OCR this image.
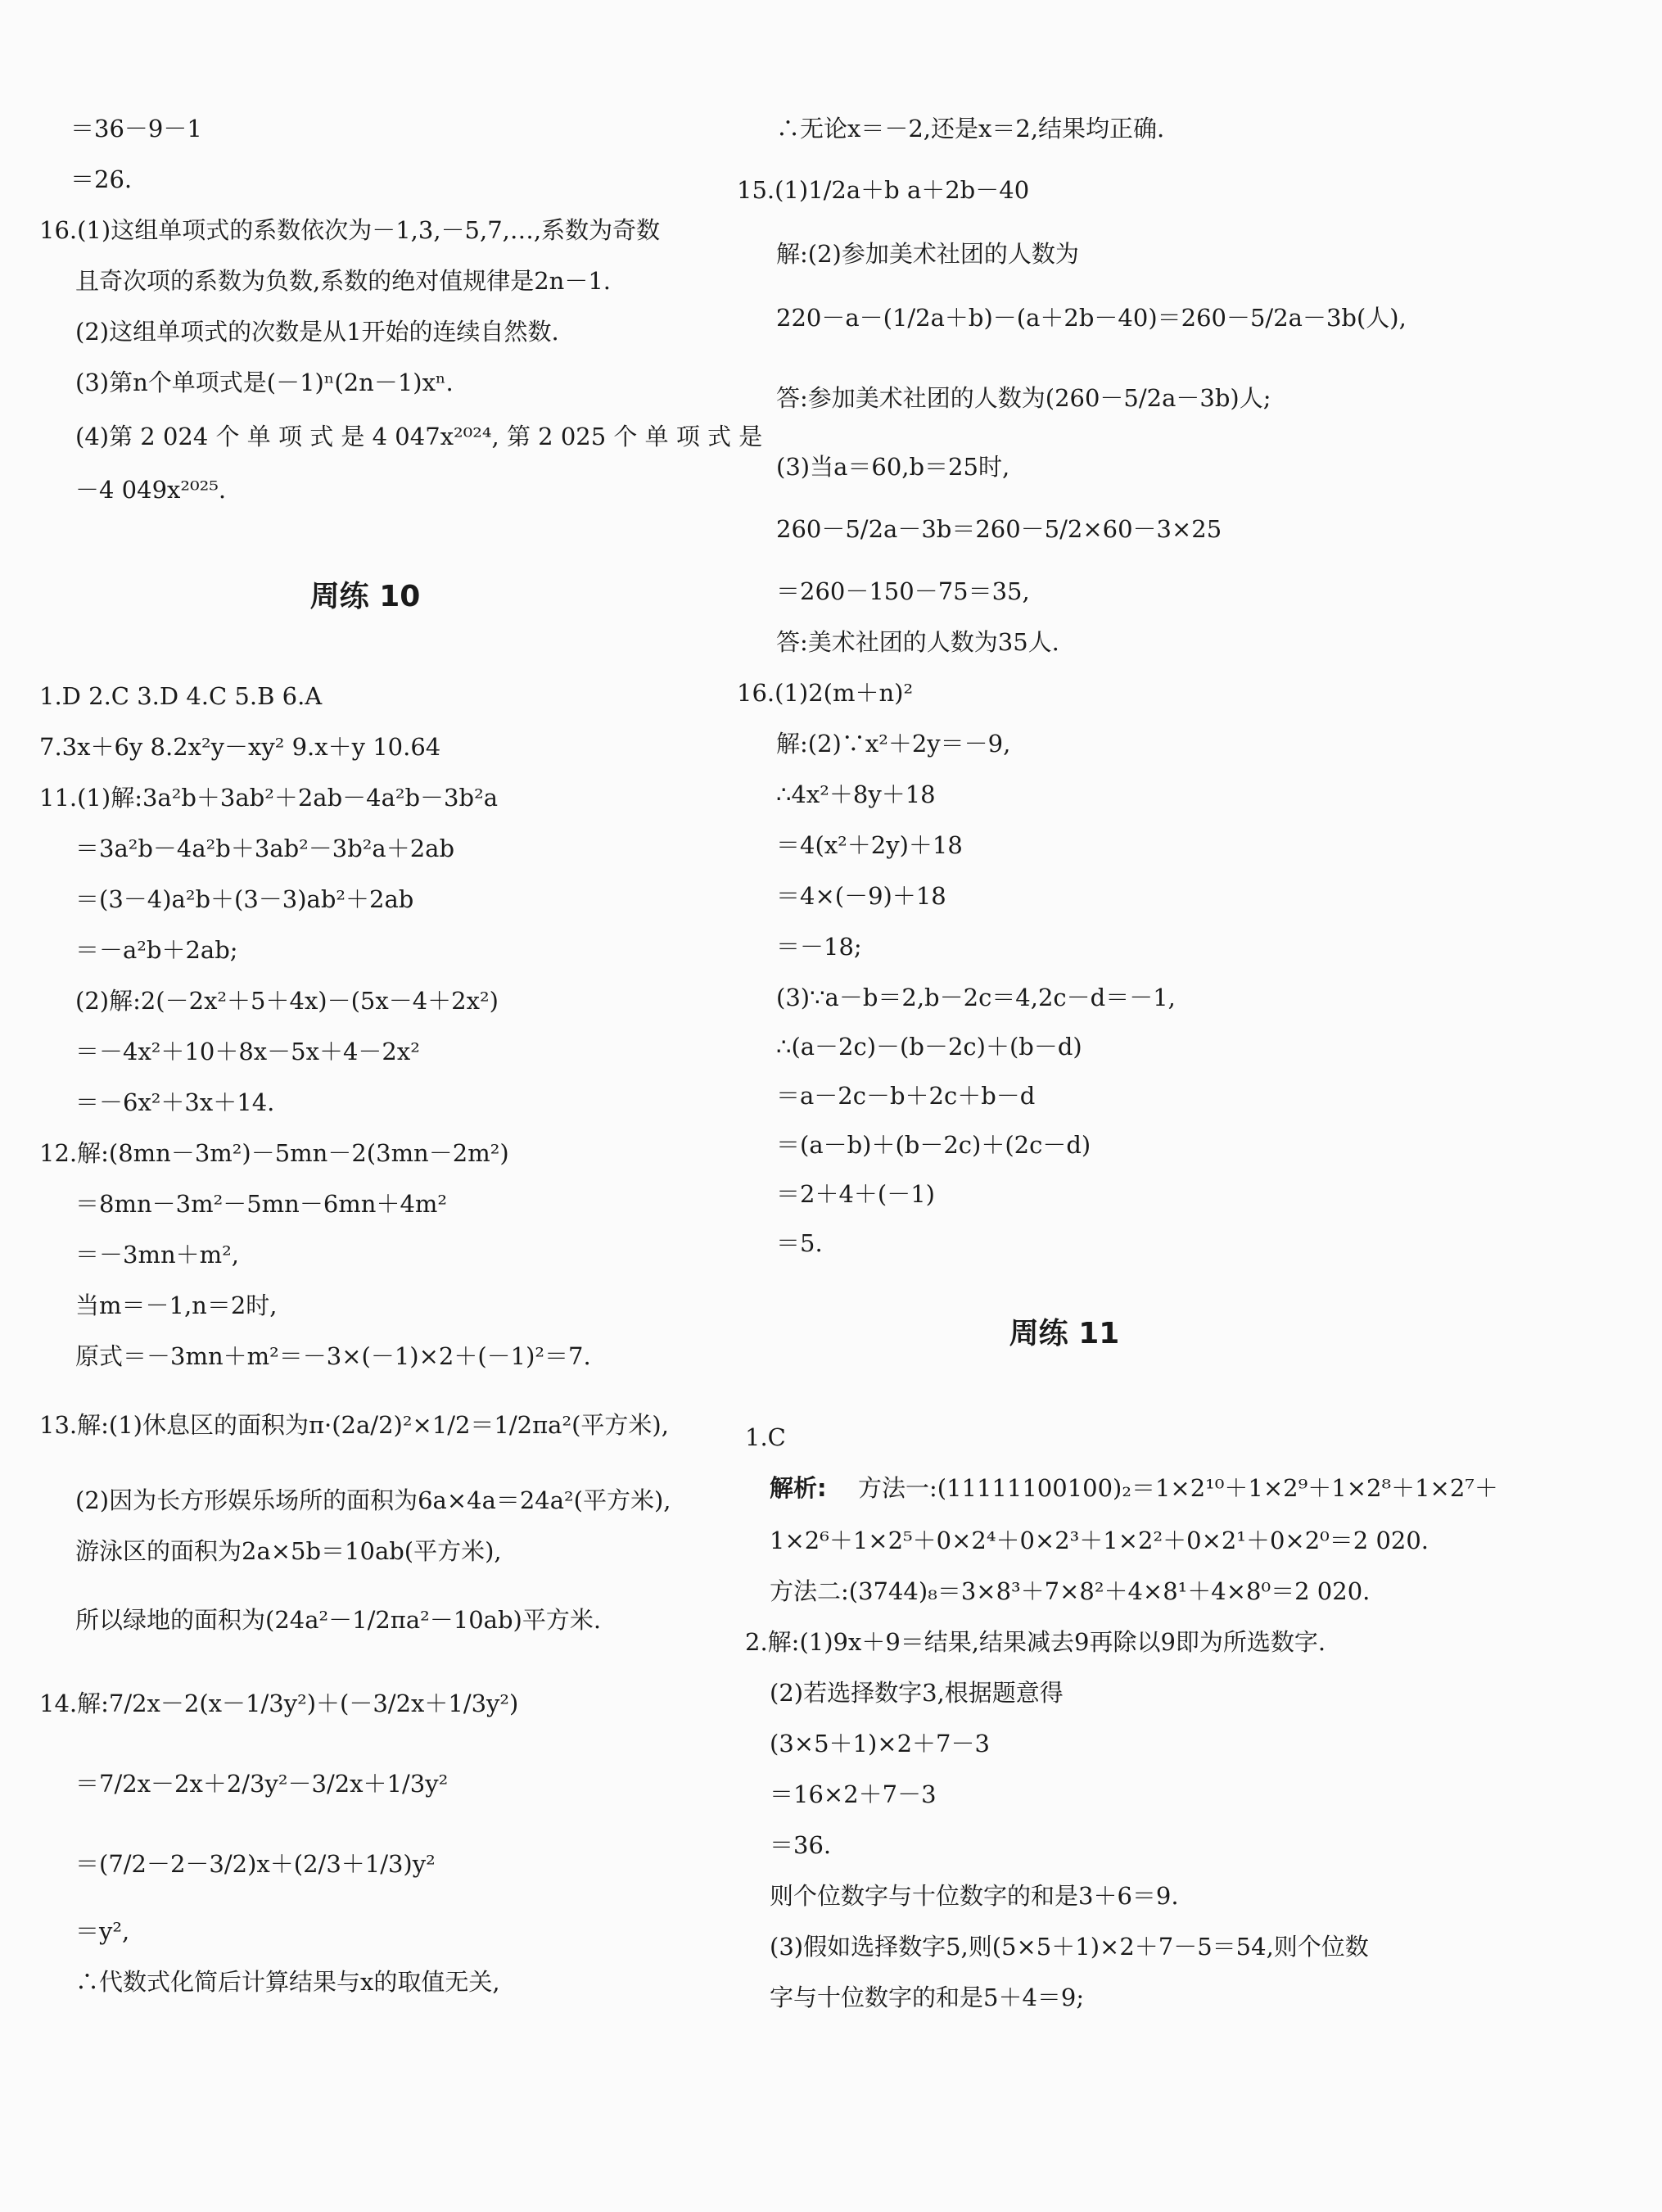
＝36－9－1
＝26.
16.(1)这组单项式的系数依次为－1,3,－5,7,…,系数为奇数
且奇次项的系数为负数,系数的绝对值规律是2n－1.
(2)这组单项式的次数是从1开始的连续自然数.
(3)第n个单项式是(－1)ⁿ(2n－1)xⁿ.
(4)第 2 024 个 单 项 式 是 4 047x²⁰²⁴, 第 2 025 个 单 项 式 是
－4 049x²⁰²⁵.
周练 10
1.D 2.C 3.D 4.C 5.B 6.A
7.3x＋6y 8.2x²y－xy² 9.x＋y 10.64
11.(1)解:3a²b＋3ab²＋2ab－4a²b－3b²a
＝3a²b－4a²b＋3ab²－3b²a＋2ab
＝(3－4)a²b＋(3－3)ab²＋2ab
＝－a²b＋2ab;
(2)解:2(－2x²＋5＋4x)－(5x－4＋2x²)
＝－4x²＋10＋8x－5x＋4－2x²
＝－6x²＋3x＋14.
12.解:(8mn－3m²)－5mn－2(3mn－2m²)
＝8mn－3m²－5mn－6mn＋4m²
＝－3mn＋m²,
当m＝－1,n＝2时,
原式＝－3mn＋m²＝－3×(－1)×2＋(－1)²＝7.
13.解:(1)休息区的面积为π·(2a/2)²×1/2＝1/2πa²(平方米),
(2)因为长方形娱乐场所的面积为6a×4a＝24a²(平方米),
游泳区的面积为2a×5b＝10ab(平方米),
所以绿地的面积为(24a²－1/2πa²－10ab)平方米.
14.解:7/2x－2(x－1/3y²)＋(－3/2x＋1/3y²)
＝7/2x－2x＋2/3y²－3/2x＋1/3y²
＝(7/2－2－3/2)x＋(2/3＋1/3)y²
＝y²,
∴代数式化简后计算结果与x的取值无关,
∴无论x＝－2,还是x＝2,结果均正确.
15.(1)1/2a＋b a＋2b－40
解:(2)参加美术社团的人数为
220－a－(1/2a＋b)－(a＋2b－40)＝260－5/2a－3b(人),
答:参加美术社团的人数为(260－5/2a－3b)人;
(3)当a＝60,b＝25时,
260－5/2a－3b＝260－5/2×60－3×25
＝260－150－75＝35,
答:美术社团的人数为35人.
16.(1)2(m＋n)²
解:(2)∵x²＋2y＝－9,
∴4x²＋8y＋18
＝4(x²＋2y)＋18
＝4×(－9)＋18
＝－18;
(3)∵a－b＝2,b－2c＝4,2c－d＝－1,
∴(a－2c)－(b－2c)＋(b－d)
＝a－2c－b＋2c＋b－d
＝(a－b)＋(b－2c)＋(2c－d)
＝2＋4＋(－1)
＝5.
周练 11
1.C
解析: 方法一:(11111100100)₂＝1×2¹⁰＋1×2⁹＋1×2⁸＋1×2⁷＋
1×2⁶＋1×2⁵＋0×2⁴＋0×2³＋1×2²＋0×2¹＋0×2⁰＝2 020.
方法二:(3744)₈＝3×8³＋7×8²＋4×8¹＋4×8⁰＝2 020.
2.解:(1)9x＋9＝结果,结果减去9再除以9即为所选数字.
(2)若选择数字3,根据题意得
(3×5＋1)×2＋7－3
＝16×2＋7－3
＝36.
则个位数字与十位数字的和是3＋6＝9.
(3)假如选择数字5,则(5×5＋1)×2＋7－5＝54,则个位数
字与十位数字的和是5＋4＝9;
